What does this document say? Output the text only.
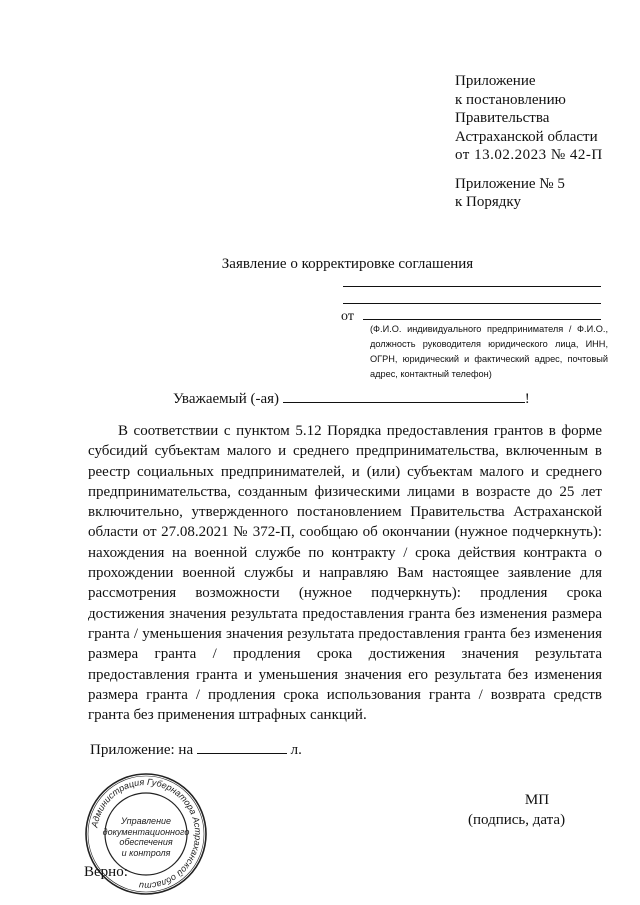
Приложение
к постановлению
Правительства
Астраханской области
от 13.02.2023 № 42-П
Приложение № 5
к Порядку
Заявление о корректировке соглашения
от
(Ф.И.О. индивидуального предпринимателя / Ф.И.О., должность руководителя юридического лица, ИНН, ОГРН, юридический и фактический адрес, почтовый адрес, контактный телефон)
Уважаемый (-ая)	!
В соответствии с пунктом 5.12 Порядка предоставления грантов в форме субсидий субъектам малого и среднего предпринимательства, включенным в реестр социальных предпринимателей, и (или) субъектам малого и среднего предпринимательства, созданным физическими лицами в возрасте до 25 лет включительно, утвержденного постановлением Правительства Астраханской области от 27.08.2021 № 372-П, сообщаю об окончании (нужное подчеркнуть): нахождения на военной службе по контракту / срока действия контракта о прохождении военной службы и направляю Вам настоящее заявление для рассмотрения возможности (нужное подчеркнуть): продления срока достижения значения результата предоставления гранта без изменения размера гранта / уменьшения значения результата предоставления гранта без изменения размера гранта / продления срока достижения значения результата предоставления гранта и уменьшения значения его результата без изменения размера гранта / продления срока использования гранта / возврата средств гранта без применения штрафных санкций.
Приложение: на	л.
МП
(подпись, дата)
Администрация Губернатора Астраханской области
Управление
документационного
обеспечения
и контроля
Верно:
